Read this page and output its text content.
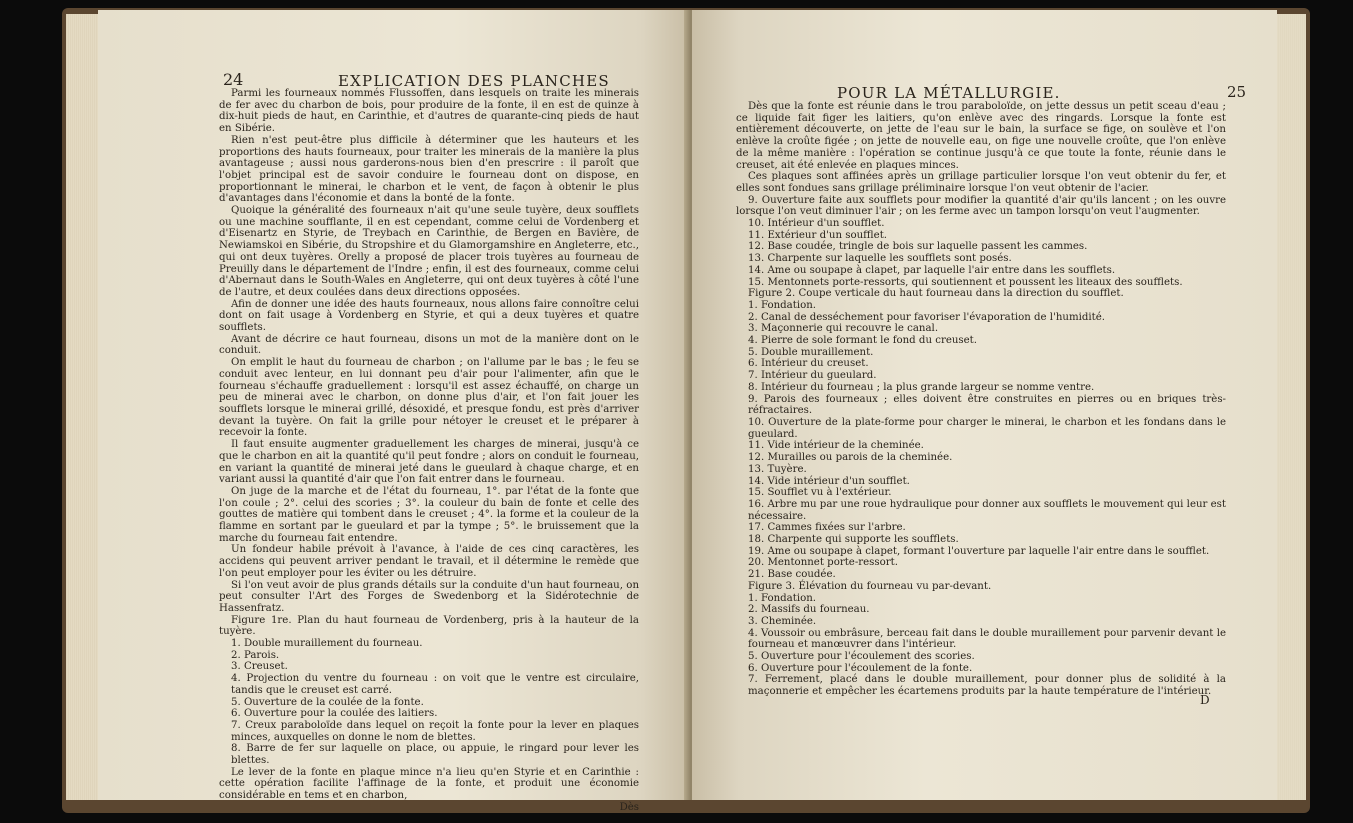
24	EXPLICATION DES PLANCHES

Parmi les fourneaux nommés Flussoffen, dans lesquels on traite les minerais de fer avec du charbon de bois, pour produire de la fonte, il en est de quinze à dix-huit pieds de haut, en Carinthie, et d'autres de quarante-cinq pieds de haut en Sibérie.

Rien n'est peut-être plus difficile à déterminer que les hauteurs et les proportions des hauts fourneaux, pour traiter les minerais de la manière la plus avantageuse ; aussi nous garderons-nous bien d'en prescrire : il paroît que l'objet principal est de savoir conduire le fourneau dont on dispose, en proportionnant le minerai, le charbon et le vent, de façon à obtenir le plus d'avantages dans l'économie et dans la bonté de la fonte.

Quoique la généralité des fourneaux n'ait qu'une seule tuyère, deux soufflets ou une machine soufflante, il en est cependant, comme celui de Vordenberg et d'Eisenartz en Styrie, de Treybach en Carinthie, de Bergen en Bavière, de Newiamskoi en Sibérie, du Stropshire et du Glamorgamshire en Angleterre, etc., qui ont deux tuyères. Orelly a proposé de placer trois tuyères au fourneau de Preuilly dans le département de l'Indre ; enfin, il est des fourneaux, comme celui d'Abernaut dans le South-Wales en Angleterre, qui ont deux tuyères à côté l'une de l'autre, et deux coulées dans deux directions opposées.

Afin de donner une idée des hauts fourneaux, nous allons faire connoître celui dont on fait usage à Vordenberg en Styrie, et qui a deux tuyères et quatre soufflets.

Avant de décrire ce haut fourneau, disons un mot de la manière dont on le conduit.

On emplit le haut du fourneau de charbon ; on l'allume par le bas ; le feu se conduit avec lenteur, en lui donnant peu d'air pour l'alimenter, afin que le fourneau s'échauffe graduellement : lorsqu'il est assez échauffé, on charge un peu de minerai avec le charbon, on donne plus d'air, et l'on fait jouer les soufflets lorsque le minerai grillé, désoxidé, et presque fondu, est près d'arriver devant la tuyère. On fait la grille pour nétoyer le creuset et le préparer à recevoir la fonte.

Il faut ensuite augmenter graduellement les charges de minerai, jusqu'à ce que le charbon en ait la quantité qu'il peut fondre ; alors on conduit le fourneau, en variant la quantité de minerai jeté dans le gueulard à chaque charge, et en variant aussi la quantité d'air que l'on fait entrer dans le fourneau.

On juge de la marche et de l'état du fourneau, 1°. par l'état de la fonte que l'on coule ; 2°. celui des scories ; 3°. la couleur du bain de fonte et celle des gouttes de matière qui tombent dans le creuset ; 4°. la forme et la couleur de la flamme en sortant par le gueulard et par la tympe ; 5°. le bruissement que la marche du fourneau fait entendre.

Un fondeur habile prévoit à l'avance, à l'aide de ces cinq caractères, les accidens qui peuvent arriver pendant le travail, et il détermine le remède que l'on peut employer pour les éviter ou les détruire.

Si l'on veut avoir de plus grands détails sur la conduite d'un haut fourneau, on peut consulter l'Art des Forges de Swedenborg et la Sidérotechnie de Hassenfratz.

Figure 1re. Plan du haut fourneau de Vordenberg, pris à la hauteur de la tuyère.

1. Double muraillement du fourneau.

2. Parois.

3. Creuset.

4. Projection du ventre du fourneau : on voit que le ventre est circulaire, tandis que le creuset est carré.

5. Ouverture de la coulée de la fonte.

6. Ouverture pour la coulée des laitiers.

7. Creux paraboloïde dans lequel on reçoit la fonte pour la lever en plaques minces, auxquelles on donne le nom de blettes.

8. Barre de fer sur laquelle on place, ou appuie, le ringard pour lever les blettes.

Le lever de la fonte en plaque mince n'a lieu qu'en Styrie et en Carinthie : cette opération facilite l'affinage de la fonte, et produit une économie considérable en tems et en charbon,

Dès

POUR LA MÉTALLURGIE.	25

Dès que la fonte est réunie dans le trou paraboloïde, on jette dessus un petit sceau d'eau ; ce liquide fait figer les laitiers, qu'on enlève avec des ringards. Lorsque la fonte est entièrement découverte, on jette de l'eau sur le bain, la surface se fige, on soulève et l'on enlève la croûte figée ; on jette de nouvelle eau, on fige une nouvelle croûte, que l'on enlève de la même manière : l'opération se continue jusqu'à ce que toute la fonte, réunie dans le creuset, ait été enlevée en plaques minces.

Ces plaques sont affinées après un grillage particulier lorsque l'on veut obtenir du fer, et elles sont fondues sans grillage préliminaire lorsque l'on veut obtenir de l'acier.

9. Ouverture faite aux soufflets pour modifier la quantité d'air qu'ils lancent ; on les ouvre lorsque l'on veut diminuer l'air ; on les ferme avec un tampon lorsqu'on veut l'augmenter.

10. Intérieur d'un soufflet.

11. Extérieur d'un soufflet.

12. Base coudée, tringle de bois sur laquelle passent les cammes.

13. Charpente sur laquelle les soufflets sont posés.

14. Ame ou soupape à clapet, par laquelle l'air entre dans les soufflets.

15. Mentonnets porte-ressorts, qui soutiennent et poussent les liteaux des soufflets.

Figure 2. Coupe verticale du haut fourneau dans la direction du soufflet.

1. Fondation.

2. Canal de desséchement pour favoriser l'évaporation de l'humidité.

3. Maçonnerie qui recouvre le canal.

4. Pierre de sole formant le fond du creuset.

5. Double muraillement.

6. Intérieur du creuset.

7. Intérieur du gueulard.

8. Intérieur du fourneau ; la plus grande largeur se nomme ventre.

9. Parois des fourneaux ; elles doivent être construites en pierres ou en briques très-réfractaires.

10. Ouverture de la plate-forme pour charger le minerai, le charbon et les fondans dans le gueulard.

11. Vide intérieur de la cheminée.

12. Murailles ou parois de la cheminée.

13. Tuyère.

14. Vide intérieur d'un soufflet.

15. Soufflet vu à l'extérieur.

16. Arbre mu par une roue hydraulique pour donner aux soufflets le mouvement qui leur est nécessaire.

17. Cammes fixées sur l'arbre.

18. Charpente qui supporte les soufflets.

19. Ame ou soupape à clapet, formant l'ouverture par laquelle l'air entre dans le soufflet.

20. Mentonnet porte-ressort.

21. Base coudée.

Figure 3. Élévation du fourneau vu par-devant.

1. Fondation.

2. Massifs du fourneau.

3. Cheminée.

4. Voussoir ou embrâsure, berceau fait dans le double muraillement pour parvenir devant le fourneau et manœuvrer dans l'intérieur.

5. Ouverture pour l'écoulement des scories.

6. Ouverture pour l'écoulement de la fonte.

7. Ferrement, placé dans le double muraillement, pour donner plus de solidité à la maçonnerie et empêcher les écartemens produits par la haute température de l'intérieur.

D
